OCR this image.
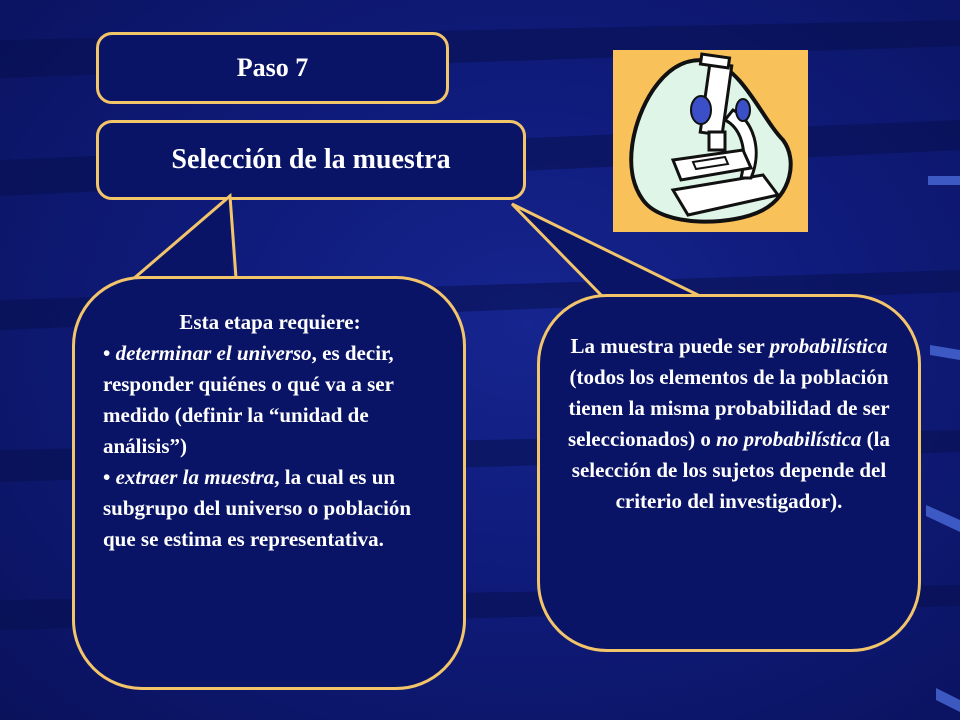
Paso 7
Selección de la muestra
Esta etapa requiere:
• determinar el universo, es decir, responder quiénes o qué va a ser medido (definir la “unidad de análisis”)
• extraer la muestra, la cual es un subgrupo del universo o población que se estima es representativa.
La muestra puede ser probabilística (todos los elementos de la población tienen la misma probabilidad de ser seleccionados) o no probabilística (la selección de los sujetos depende del criterio del investigador).
